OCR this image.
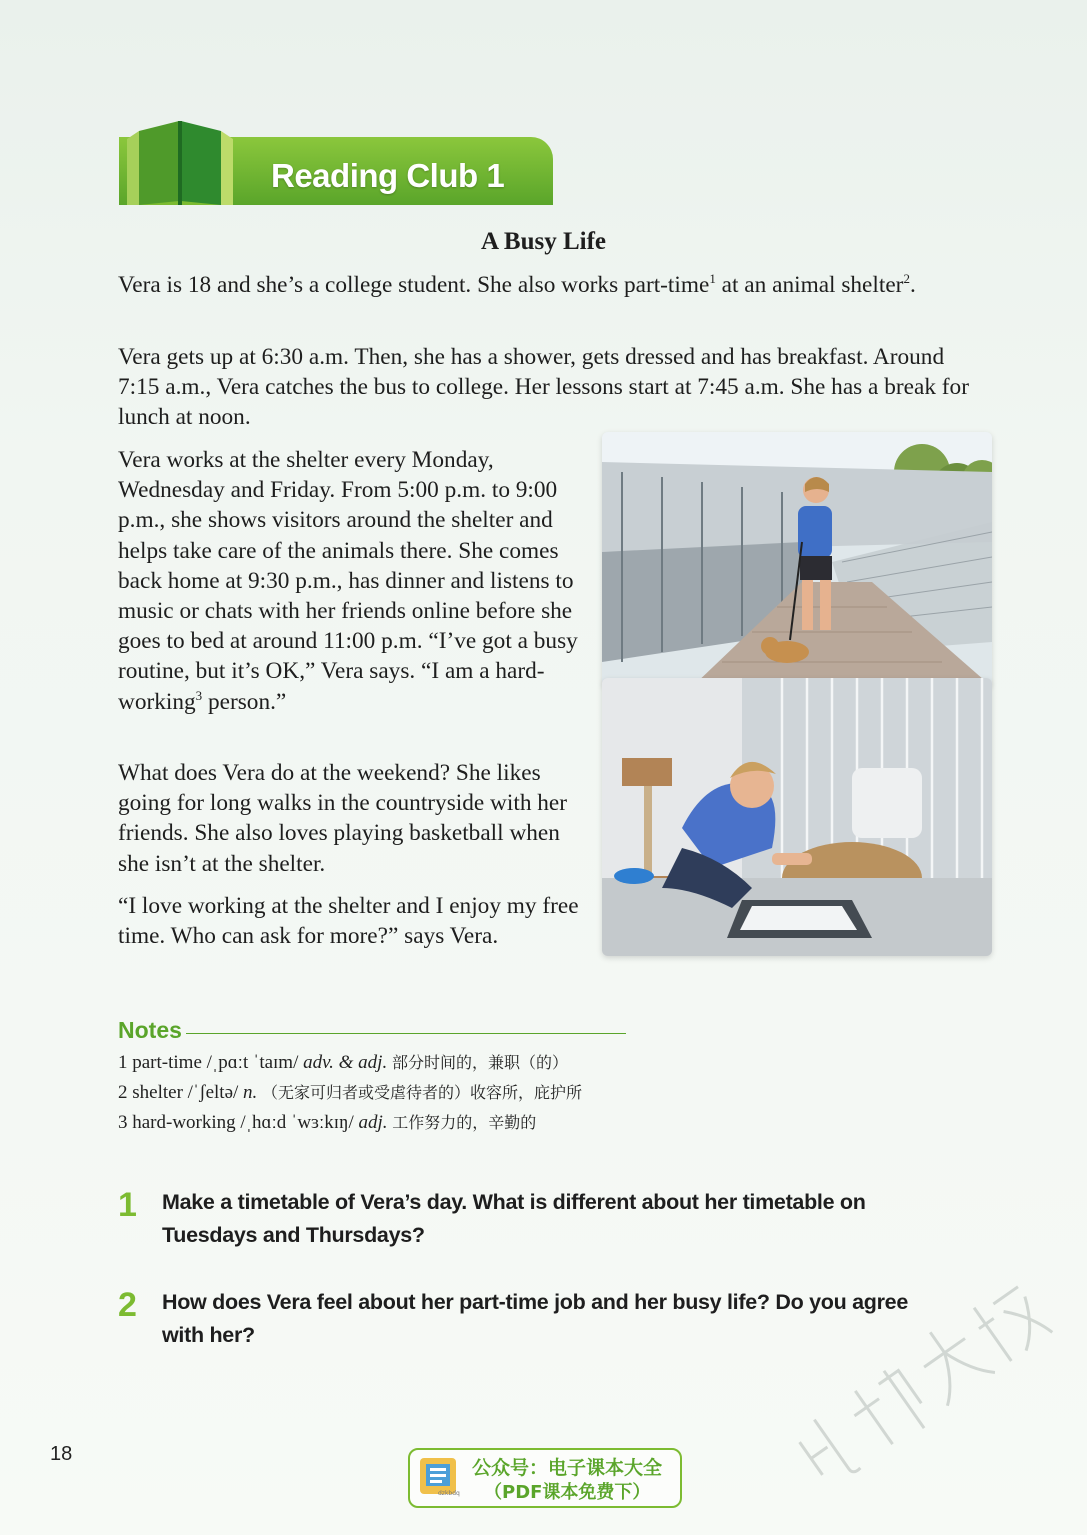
Reading Club 1
A Busy Life

Vera is 18 and she’s a college student. She also works part-time$^1$ at an animal shelter$^2$.

Vera gets up at 6:30 a.m. Then, she has a shower, gets dressed and has breakfast. Around 7:15 a.m., Vera catches the bus to college. Her lessons start at 7:45 a.m. She has a break for lunch at noon.

Vera works at the shelter every Monday, Wednesday and Friday. From 5:00 p.m. to 9:00 p.m., she shows visitors around the shelter and helps take care of the animals there. She comes back home at 9:30 p.m., has dinner and listens to music or chats with her friends online before she goes to bed at around 11:00 p.m. “I’ve got a busy routine, but it’s OK,” Vera says. “I am a hard-working$^3$ person.”

What does Vera do at the weekend? She likes going for long walks in the countryside with her friends. She also loves playing basketball when she isn’t at the shelter.

“I love working at the shelter and I enjoy my free time. Who can ask for more?” says Vera.

Notes
1 part-time /ˌpɑːt ˈtaɪm/ adv. & adj. 部分时间的，兼职（的）
2 shelter /ˈʃeltə/ n. （无家可归者或受虐待者的）收容所，庇护所
3 hard-working /ˌhɑːd ˈwɜːkɪŋ/ adj. 工作努力的，辛勤的
1 Make a timetable of Vera’s day. What is different about her timetable on Tuesdays and Thursdays?
2 How does Vera feel about her part-time job and her busy life? Do you agree with her?
18
dzkbdq
公众号：电子课本大全
（PDF课本免费下）
